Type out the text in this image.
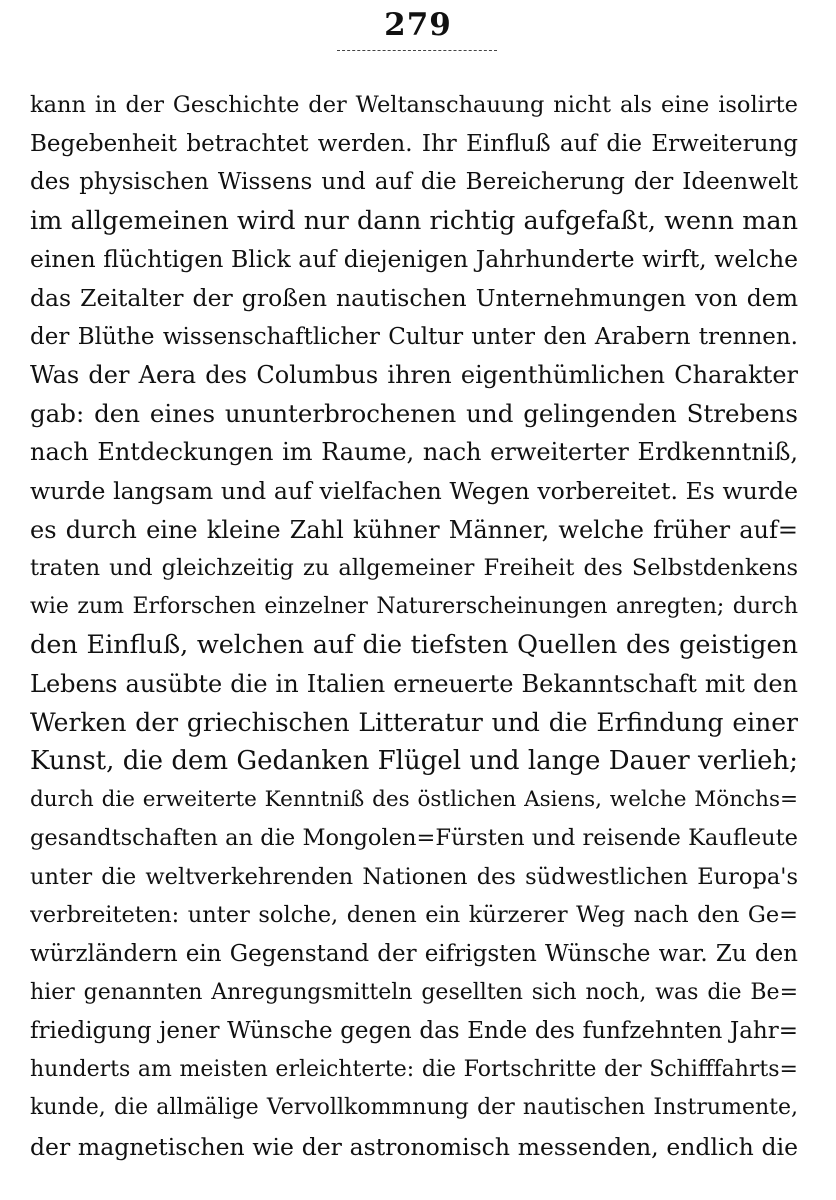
279
kann in der Geschichte der Weltanschauung nicht als eine isolirte
Begebenheit betrachtet werden. Ihr Einfluß auf die Erweiterung
des physischen Wissens und auf die Bereicherung der Ideenwelt
im allgemeinen wird nur dann richtig aufgefaßt, wenn man
einen flüchtigen Blick auf diejenigen Jahrhunderte wirft, welche
das Zeitalter der großen nautischen Unternehmungen von dem
der Blüthe wissenschaftlicher Cultur unter den Arabern trennen.
Was der Aera des Columbus ihren eigenthümlichen Charakter
gab: den eines ununterbrochenen und gelingenden Strebens
nach Entdeckungen im Raume, nach erweiterter Erdkenntniß,
wurde langsam und auf vielfachen Wegen vorbereitet. Es wurde
es durch eine kleine Zahl kühner Männer, welche früher auf=
traten und gleichzeitig zu allgemeiner Freiheit des Selbstdenkens
wie zum Erforschen einzelner Naturerscheinungen anregten; durch
den Einfluß, welchen auf die tiefsten Quellen des geistigen
Lebens ausübte die in Italien erneuerte Bekanntschaft mit den
Werken der griechischen Litteratur und die Erfindung einer
Kunst, die dem Gedanken Flügel und lange Dauer verlieh;
durch die erweiterte Kenntniß des östlichen Asiens, welche Mönchs=
gesandtschaften an die Mongolen=Fürsten und reisende Kaufleute
unter die weltverkehrenden Nationen des südwestlichen Europa's
verbreiteten: unter solche, denen ein kürzerer Weg nach den Ge=
würzländern ein Gegenstand der eifrigsten Wünsche war. Zu den
hier genannten Anregungsmitteln gesellten sich noch, was die Be=
friedigung jener Wünsche gegen das Ende des funfzehnten Jahr=
hunderts am meisten erleichterte: die Fortschritte der Schifffahrts=
kunde, die allmälige Vervollkommnung der nautischen Instrumente,
der magnetischen wie der astronomisch messenden, endlich die
